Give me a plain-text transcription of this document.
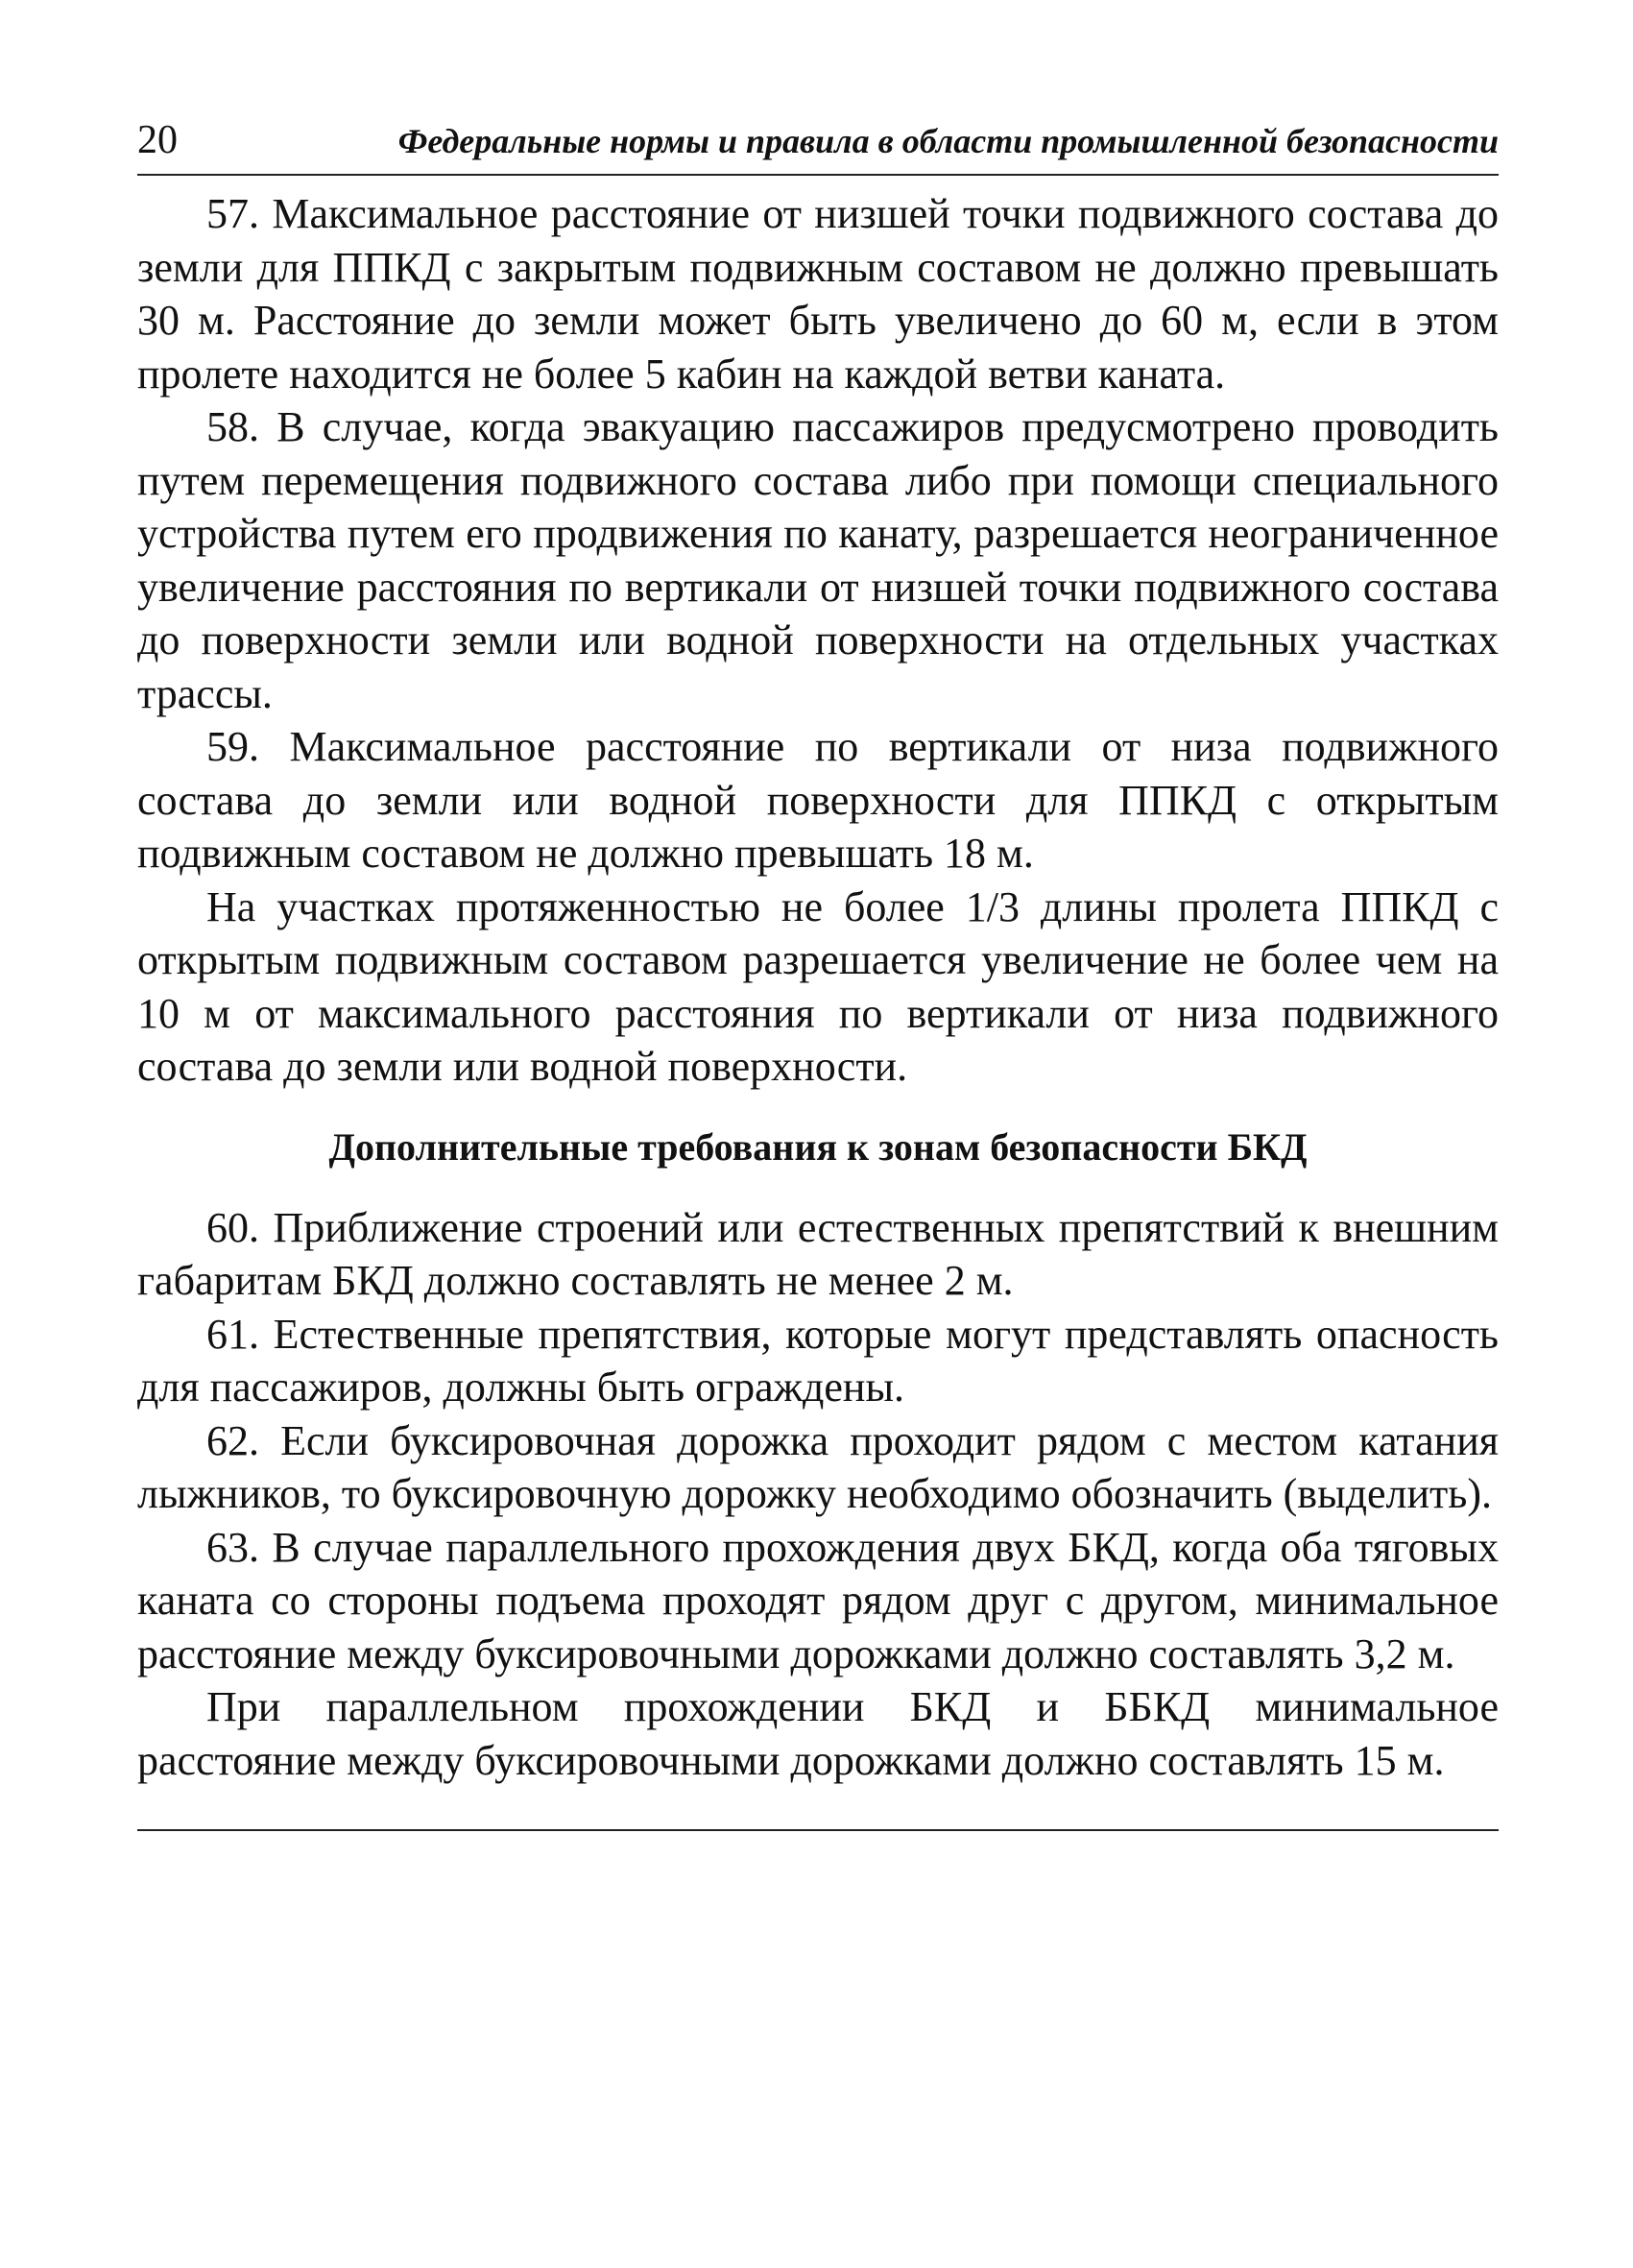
20	Федеральные нормы и правила в области промышленной безопасности

57. Максимальное расстояние от низшей точки подвижного состава до земли для ППКД с закрытым подвижным составом не должно превышать 30 м. Расстояние до земли может быть увеличено до 60 м, если в этом пролете находится не более 5 кабин на каждой ветви каната.

58. В случае, когда эвакуацию пассажиров предусмотрено проводить путем перемещения подвижного состава либо при помощи специального устройства путем его продвижения по канату, разрешается неограниченное увеличение расстояния по вертикали от низшей точки подвижного состава до поверхности земли или водной поверхности на отдельных участках трассы.

59. Максимальное расстояние по вертикали от низа подвижного состава до земли или водной поверхности для ППКД с открытым подвижным составом не должно превышать 18 м.

На участках протяженностью не более 1/3 длины пролета ППКД с открытым подвижным составом разрешается увеличение не более чем на 10 м от максимального расстояния по вертикали от низа подвижного состава до земли или водной поверхности.

Дополнительные требования к зонам безопасности БКД

60. Приближение строений или естественных препятствий к внешним габаритам БКД должно составлять не менее 2 м.

61. Естественные препятствия, которые могут представлять опасность для пассажиров, должны быть ограждены.

62. Если буксировочная дорожка проходит рядом с местом катания лыжников, то буксировочную дорожку необходимо обозначить (выделить).

63. В случае параллельного прохождения двух БКД, когда оба тяговых каната со стороны подъема проходят рядом друг с другом, минимальное расстояние между буксировочными дорожками должно составлять 3,2 м.

При параллельном прохождении БКД и ББКД минимальное расстояние между буксировочными дорожками должно составлять 15 м.
